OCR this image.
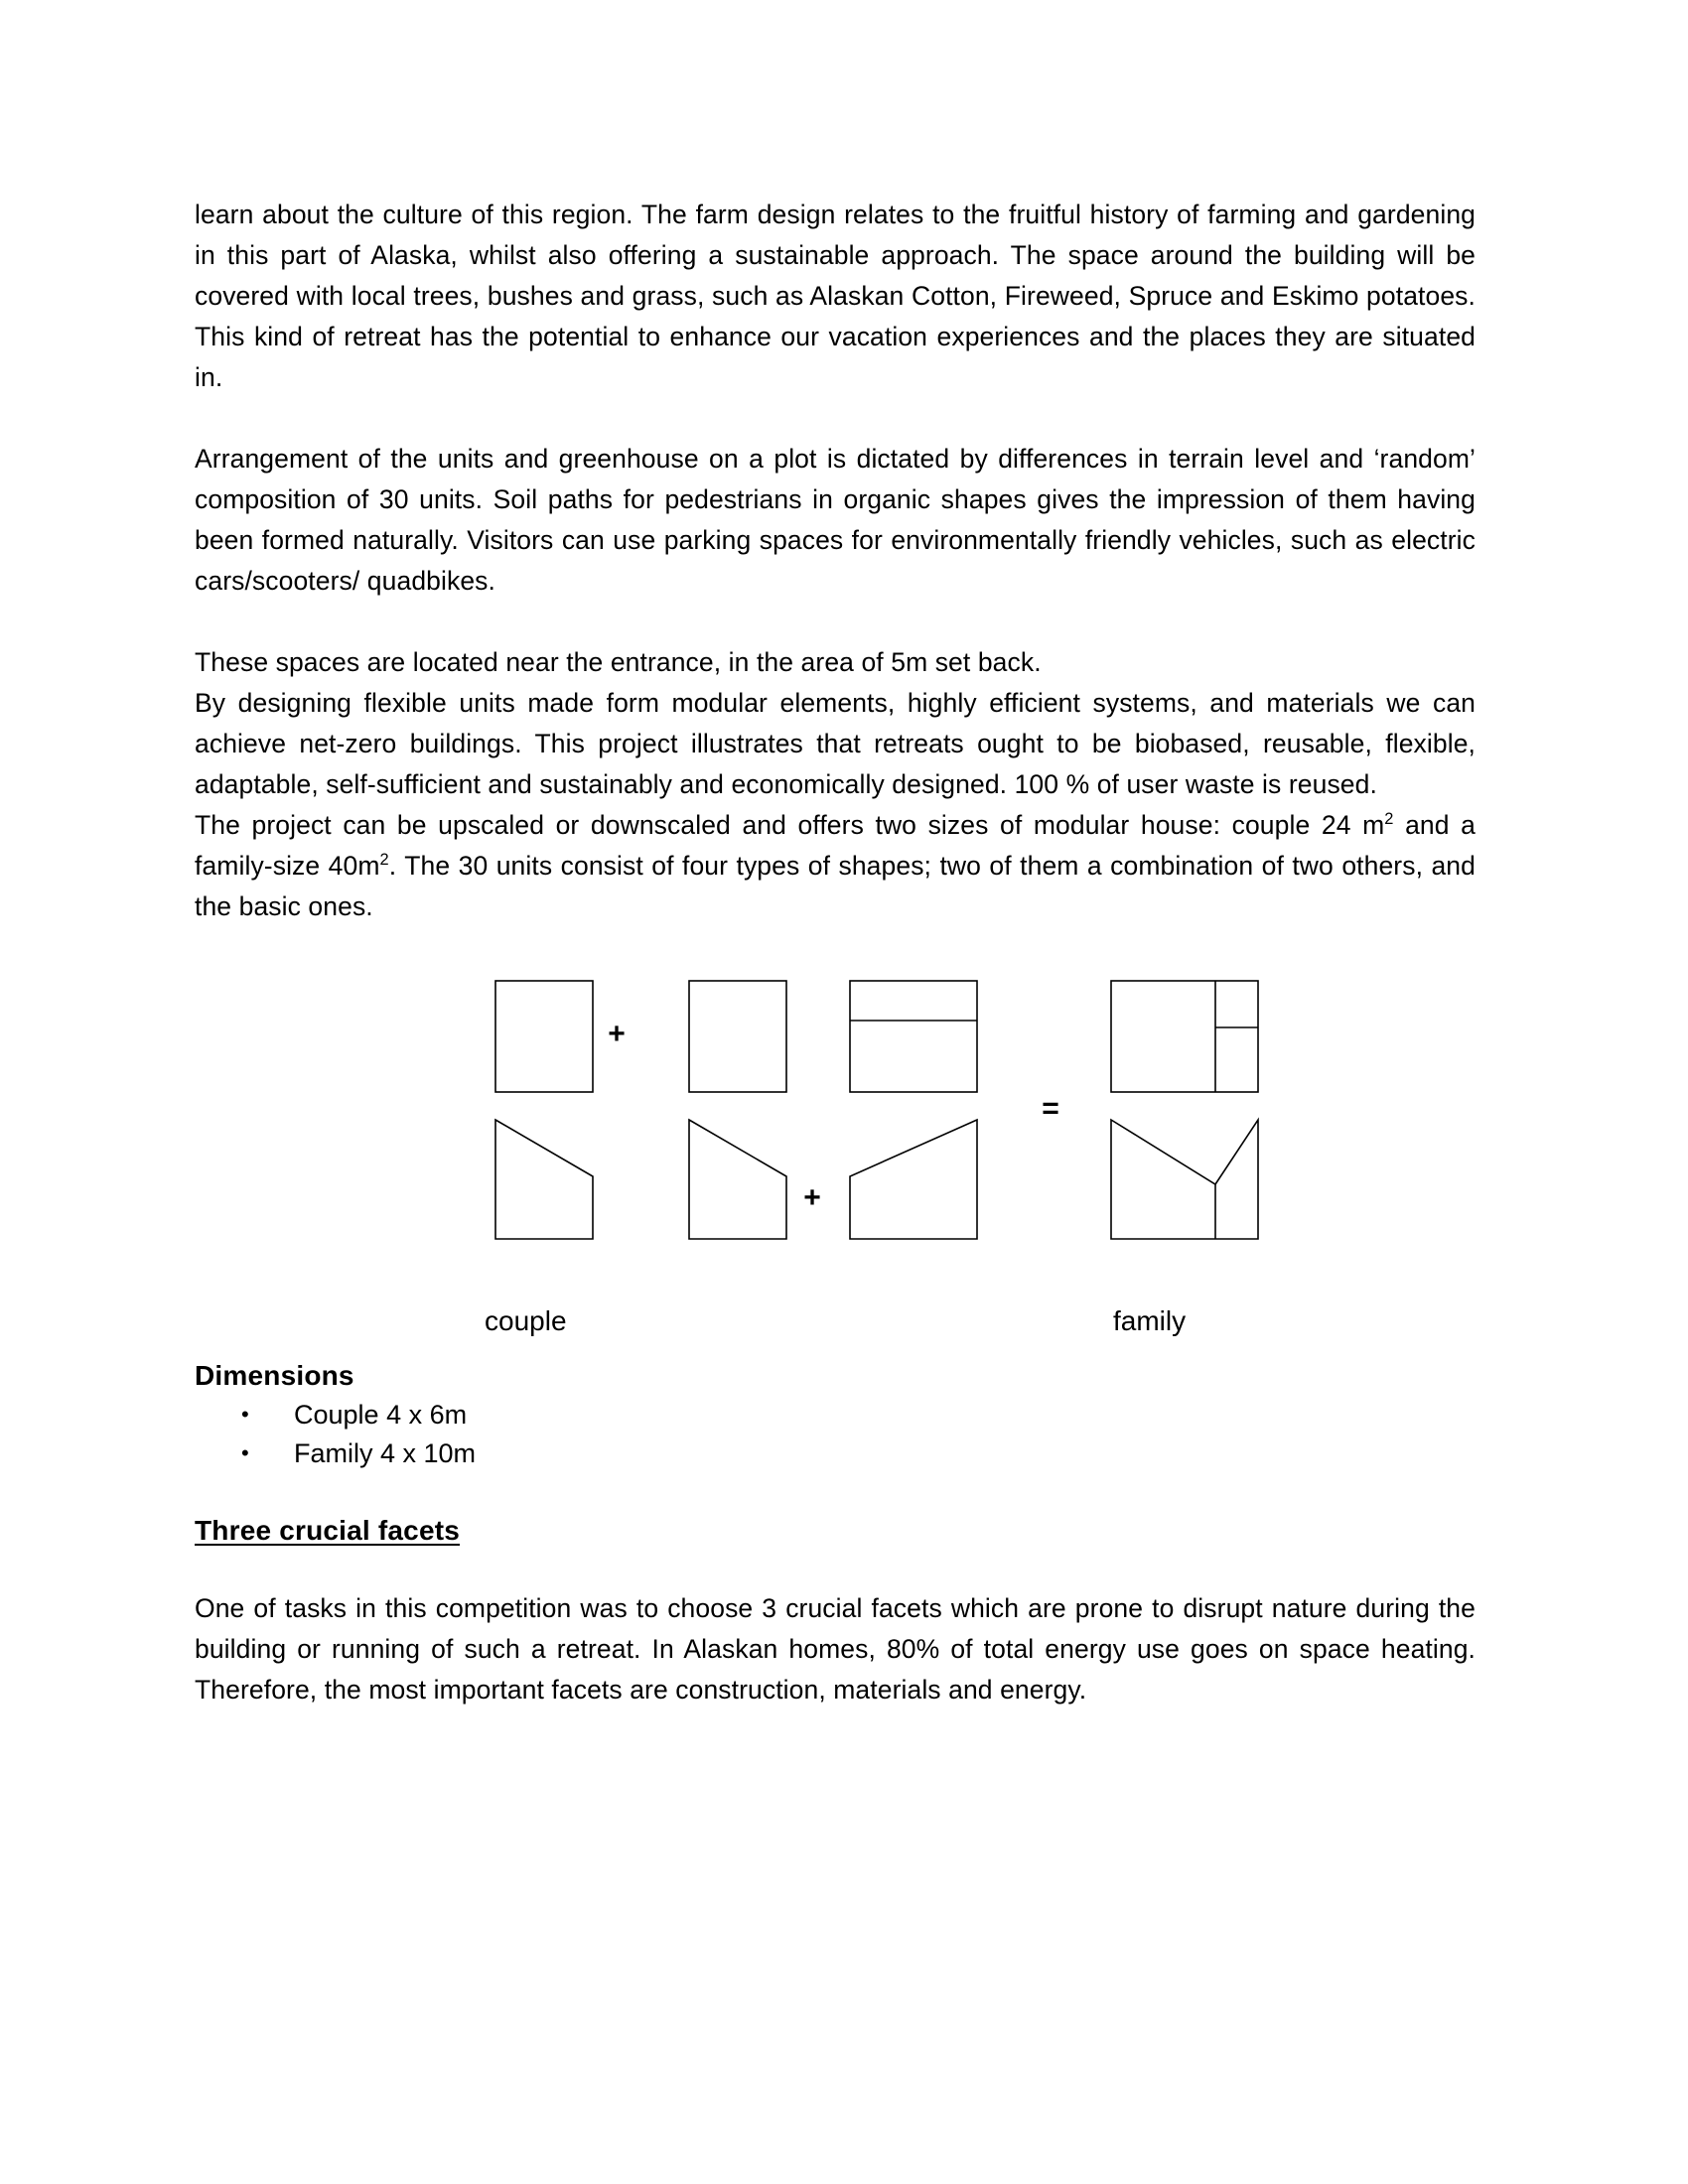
learn about the culture of this region. The farm design relates to the fruitful history of farming and gardening in this part of Alaska, whilst also offering a sustainable approach. The space around the building will be covered with local trees, bushes and grass, such as Alaskan Cotton, Fireweed, Spruce and Eskimo potatoes. This kind of retreat has the potential to enhance our vacation experiences and the places they are situated in.

Arrangement of the units and greenhouse on a plot is dictated by differences in terrain level and ‘random’ composition of 30 units. Soil paths for pedestrians in organic shapes gives the impression of them having been formed naturally. Visitors can use parking spaces for environmentally friendly vehicles, such as electric cars/scooters/ quadbikes.

These spaces are located near the entrance, in the area of 5m set back.

By designing flexible units made form modular elements, highly efficient systems, and materials we can achieve net-zero buildings. This project illustrates that retreats ought to be biobased, reusable, flexible, adaptable, self-sufficient and sustainably and economically designed. 100 % of user waste is reused.

The project can be upscaled or downscaled and offers two sizes of modular house: couple 24 $m^2$ and a family-size $40m^2$. The 30 units consist of four types of shapes; two of them a combination of two others, and the basic ones.

+
+
=
couple	family
Dimensions
• Couple 4 x 6m
• Family 4 x 10m
Three crucial facets

One of tasks in this competition was to choose 3 crucial facets which are prone to disrupt nature during the building or running of such a retreat. In Alaskan homes, 80% of total energy use goes on space heating. Therefore, the most important facets are construction, materials and energy.
